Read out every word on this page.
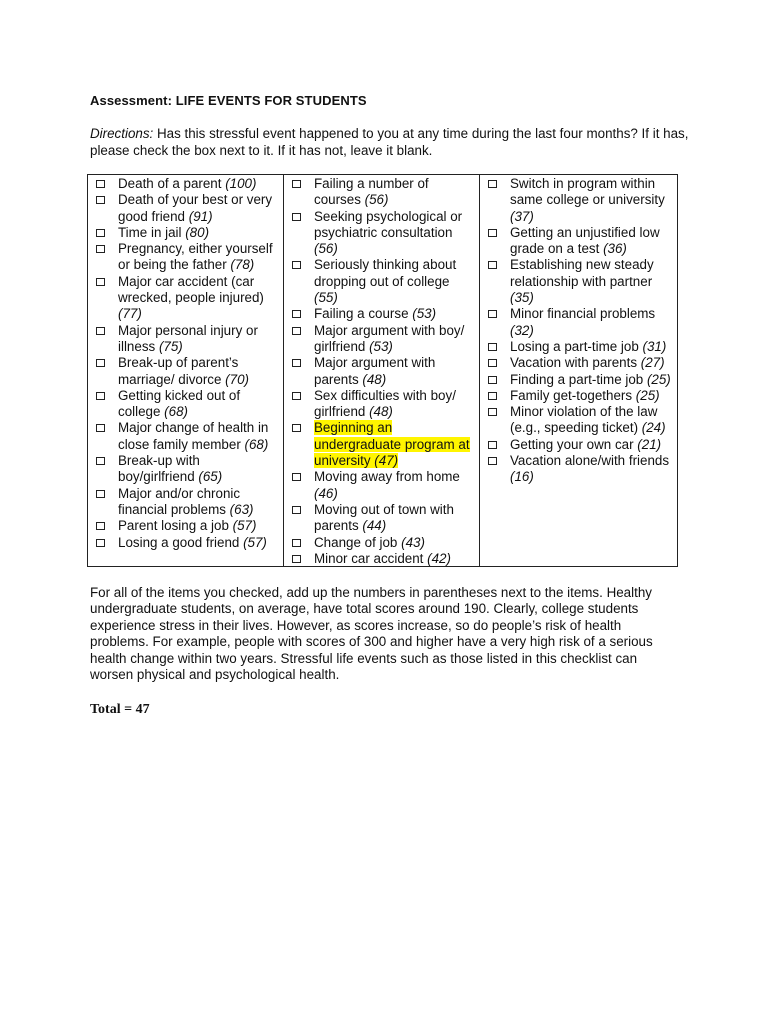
Assessment: LIFE EVENTS FOR STUDENTS
Directions: Has this stressful event happened to you at any time during the last four months? If it has, please check the box next to it. If it has not, leave it blank.
Death of a parent (100)
Death of your best or very good friend (91)
Time in jail (80)
Pregnancy, either yourself or being the father (78)
Major car accident (car wrecked, people injured) (77)
Major personal injury or illness (75)
Break-up of parent’s marriage/ divorce (70)
Getting kicked out of college (68)
Major change of health in close family member (68)
Break-up with boy/girlfriend (65)
Major and/or chronic financial problems (63)
Parent losing a job (57)
Losing a good friend (57)
Failing a number of courses (56)
Seeking psychological or psychiatric consultation (56)
Seriously thinking about dropping out of college (55)
Failing a course (53)
Major argument with boy/ girlfriend (53)
Major argument with parents (48)
Sex difficulties with boy/ girlfriend (48)
Beginning an undergraduate program at university (47)
Moving away from home (46)
Moving out of town with parents (44)
Change of job (43)
Minor car accident (42)
Switch in program within same college or university (37)
Getting an unjustified low grade on a test (36)
Establishing new steady relationship with partner (35)
Minor financial problems (32)
Losing a part-time job (31)
Vacation with parents (27)
Finding a part-time job (25)
Family get-togethers (25)
Minor violation of the law (e.g., speeding ticket) (24)
Getting your own car (21)
Vacation alone/with friends (16)
For all of the items you checked, add up the numbers in parentheses next to the items. Healthy undergraduate students, on average, have total scores around 190. Clearly, college students experience stress in their lives. However, as scores increase, so do people’s risk of health problems. For example, people with scores of 300 and higher have a very high risk of a serious health change within two years. Stressful life events such as those listed in this checklist can worsen physical and psychological health.
Total = 47
